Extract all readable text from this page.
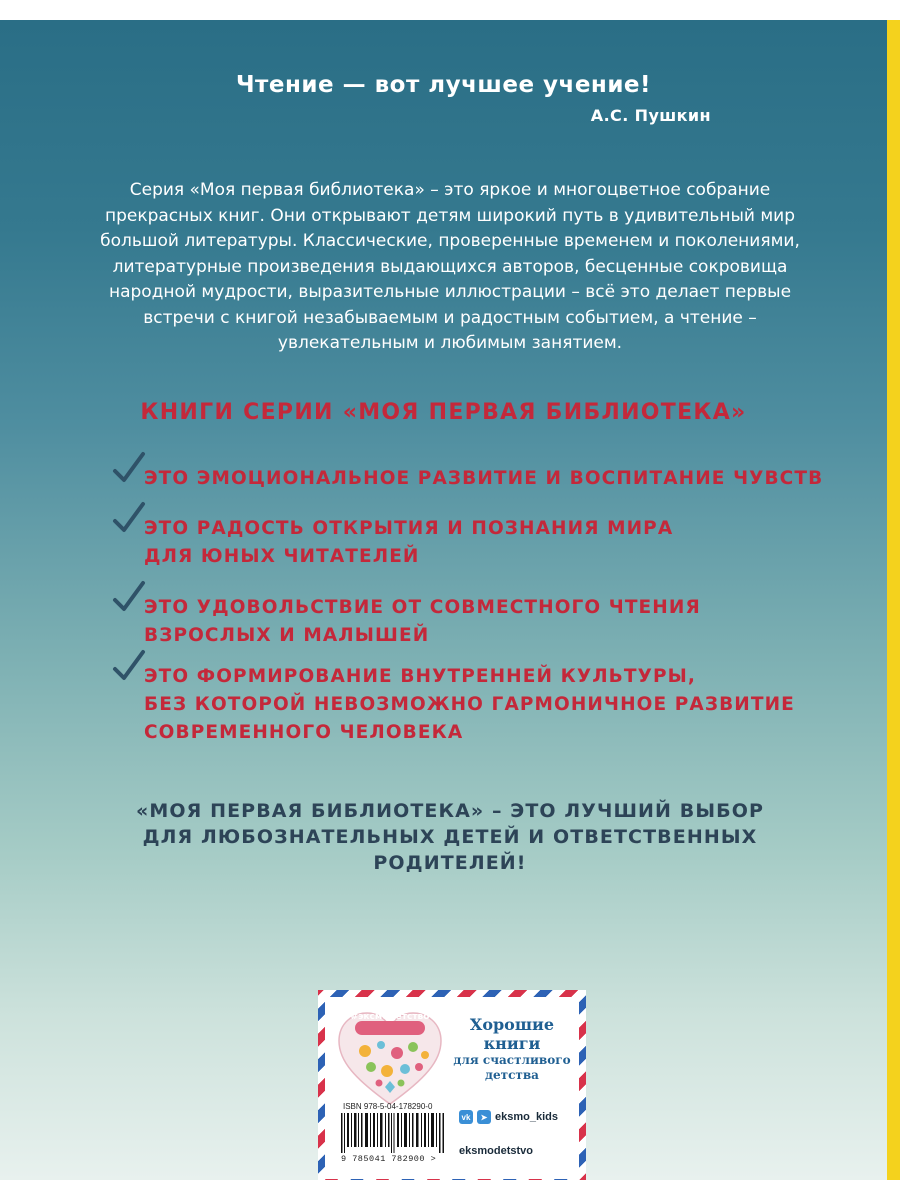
Чтение — вот лучшее учение!
А.С. Пушкин
Серия «Моя первая библиотека» – это яркое и многоцветное собрание
прекрасных книг. Они открывают детям широкий путь в удивительный мир
большой литературы. Классические, проверенные временем и поколениями,
литературные произведения выдающихся авторов, бесценные сокровища
народной мудрости, выразительные иллюстрации – всё это делает первые
встречи с книгой незабываемым и радостным событием, а чтение –
увлекательным и любимым занятием.
КНИГИ СЕРИИ «МОЯ ПЕРВАЯ БИБЛИОТЕКА»
ЭТО ЭМОЦИОНАЛЬНОЕ РАЗВИТИЕ И ВОСПИТАНИЕ ЧУВСТВ
ЭТО РАДОСТЬ ОТКРЫТИЯ И ПОЗНАНИЯ МИРА
ДЛЯ ЮНЫХ ЧИТАТЕЛЕЙ
ЭТО УДОВОЛЬСТВИЕ ОТ СОВМЕСТНОГО ЧТЕНИЯ
ВЗРОСЛЫХ И МАЛЫШЕЙ
ЭТО ФОРМИРОВАНИЕ ВНУТРЕННЕЙ КУЛЬТУРЫ,
БЕЗ КОТОРОЙ НЕВОЗМОЖНО ГАРМОНИЧНОЕ РАЗВИТИЕ
СОВРЕМЕННОГО ЧЕЛОВЕКА
«МОЯ ПЕРВАЯ БИБЛИОТЕКА» – ЭТО ЛУЧШИЙ ВЫБОР
ДЛЯ ЛЮБОЗНАТЕЛЬНЫХ ДЕТЕЙ И ОТВЕТСТВЕННЫХ
РОДИТЕЛЕЙ!
#эксмодетство	Хорошие
книги
для счастливого
детства
ISBN 978-5-04-178290-0
9 785041 782900 >
vk	➤ eksmo_kids
eksmodetstvo
